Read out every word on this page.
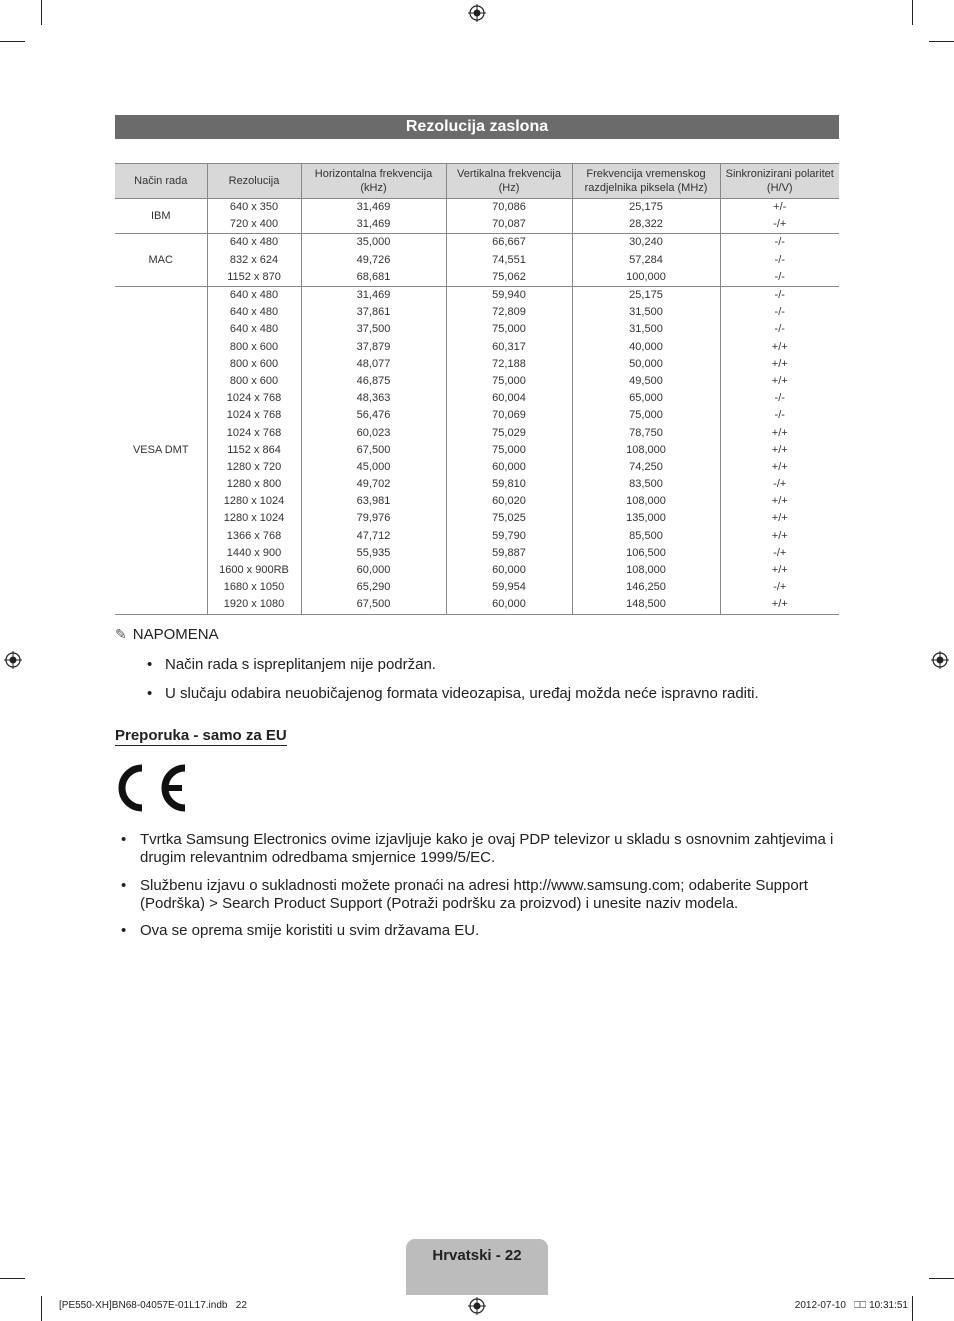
Rezolucija zaslona
Način rada	Rezolucija	Horizontalna frekvencija (kHz)	Vertikalna frekvencija (Hz)	Frekvencija vremenskog razdjelnika piksela (MHz)	Sinkronizirani polaritet (H/V)
IBM	640 x 350	31,469	70,086	25,175	+/-
	720 x 400	31,469	70,087	28,322	-/+
MAC	640 x 480	35,000	66,667	30,240	-/-
	832 x 624	49,726	74,551	57,284	-/-
	1152 x 870	68,681	75,062	100,000	-/-
VESA DMT	640 x 480	31,469	59,940	25,175	-/-
	640 x 480	37,861	72,809	31,500	-/-
	640 x 480	37,500	75,000	31,500	-/-
	800 x 600	37,879	60,317	40,000	+/+
	800 x 600	48,077	72,188	50,000	+/+
	800 x 600	46,875	75,000	49,500	+/+
	1024 x 768	48,363	60,004	65,000	-/-
	1024 x 768	56,476	70,069	75,000	-/-
	1024 x 768	60,023	75,029	78,750	+/+
	1152 x 864	67,500	75,000	108,000	+/+
	1280 x 720	45,000	60,000	74,250	+/+
	1280 x 800	49,702	59,810	83,500	-/+
	1280 x 1024	63,981	60,020	108,000	+/+
	1280 x 1024	79,976	75,025	135,000	+/+
	1366 x 768	47,712	59,790	85,500	+/+
	1440 x 900	55,935	59,887	106,500	-/+
	1600 x 900RB	60,000	60,000	108,000	+/+
	1680 x 1050	65,290	59,954	146,250	-/+
	1920 x 1080	67,500	60,000	148,500	+/+
✎ NAPOMENA
• Način rada s ispreplitanjem nije podržan.
• U slučaju odabira neuobičajenog formata videozapisa, uređaj možda neće ispravno raditi.
Preporuka - samo za EU
• Tvrtka Samsung Electronics ovime izjavljuje kako je ovaj PDP televizor u skladu s osnovnim zahtjevima i drugim relevantnim odredbama smjernice 1999/5/EC.
• Službenu izjavu o sukladnosti možete pronaći na adresi http://www.samsung.com; odaberite Support (Podrška) > Search Product Support (Potraži podršku za proizvod) i unesite naziv modela.
• Ova se oprema smije koristiti u svim državama EU.
Hrvatski - 22
[PE550-XH]BN68-04057E-01L17.indb   22	2012-07-10   ⎕⎕ 10:31:51
